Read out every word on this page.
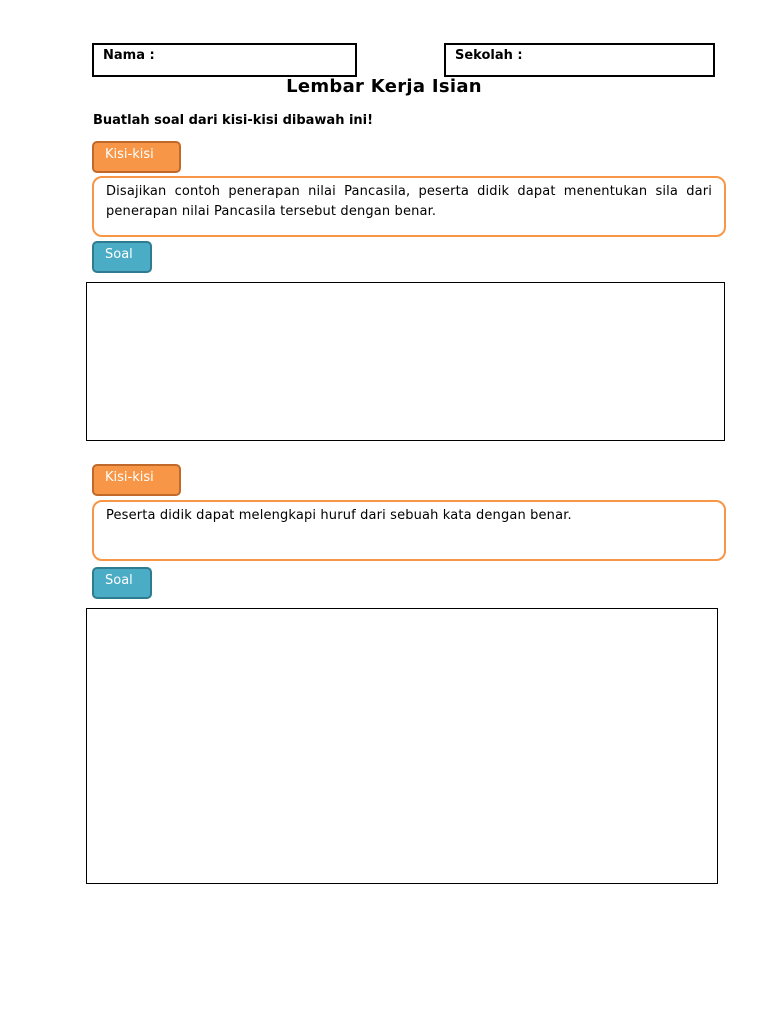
Nama :	Sekolah :
Lembar Kerja Isian
Buatlah soal dari kisi-kisi dibawah ini!
Kisi-kisi
Disajikan contoh penerapan nilai Pancasila, peserta didik dapat menentukan sila dari penerapan nilai Pancasila tersebut dengan benar.
Soal
Kisi-kisi
Peserta didik dapat melengkapi huruf dari sebuah kata dengan benar.
Soal
